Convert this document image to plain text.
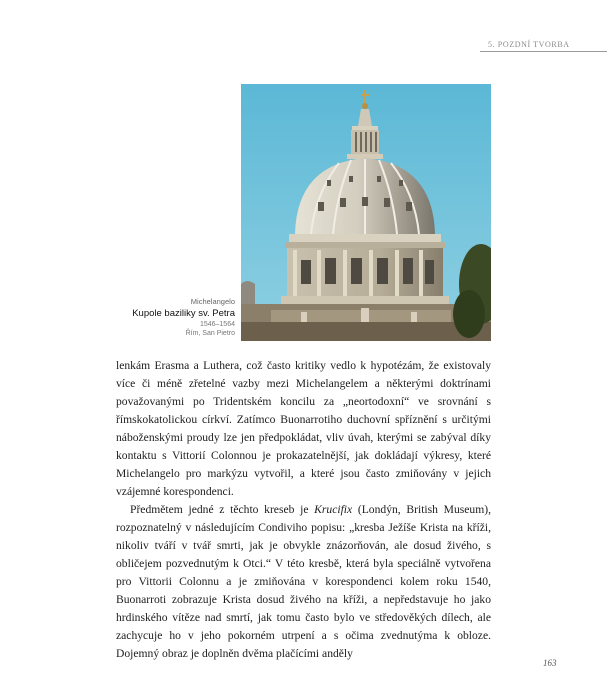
5. POZDNÍ TVORBA
Michelangelo
Kupole baziliky sv. Petra
1546–1564
Řím, San Pietro

lenkám Erasma a Luthera, což často kritiky vedlo k hypotézám, že existovaly více či méně zřetelné vazby mezi Michelangelem a některými doktrínami považovanými po Tridentském koncilu za „neortodoxní“ ve srovnání s římskokatolickou církví. Zatímco Buonarrotiho duchovní spříznění s určitými náboženskými proudy lze jen předpokládat, vliv úvah, kterými se zabýval díky kontaktu s Vittorií Colonnou je prokazatelnější, jak dokládají výkresy, které Michelangelo pro markýzu vytvořil, a které jsou často zmiňovány v jejich vzájemné korespondenci.

Předmětem jedné z těchto kreseb je Krucifix (Londýn, British Museum), rozpoznatelný v následujícím Condiviho popisu: „kresba Ježíše Krista na kříži, nikoliv tváří v tvář smrti, jak je obvykle znázorňován, ale dosud živého, s obličejem pozvednutým k Otci.“ V této kresbě, která byla speciálně vytvořena pro Vittorii Colonnu a je zmiňována v korespondenci kolem roku 1540, Buonarroti zobrazuje Krista dosud živého na kříži, a nepředstavuje ho jako hrdinského vítěze nad smrtí, jak tomu často bylo ve středověkých dílech, ale zachycuje ho v jeho pokorném utrpení a s očima zvednutýma k obloze. Dojemný obraz je doplněn dvěma plačícími anděly

163
